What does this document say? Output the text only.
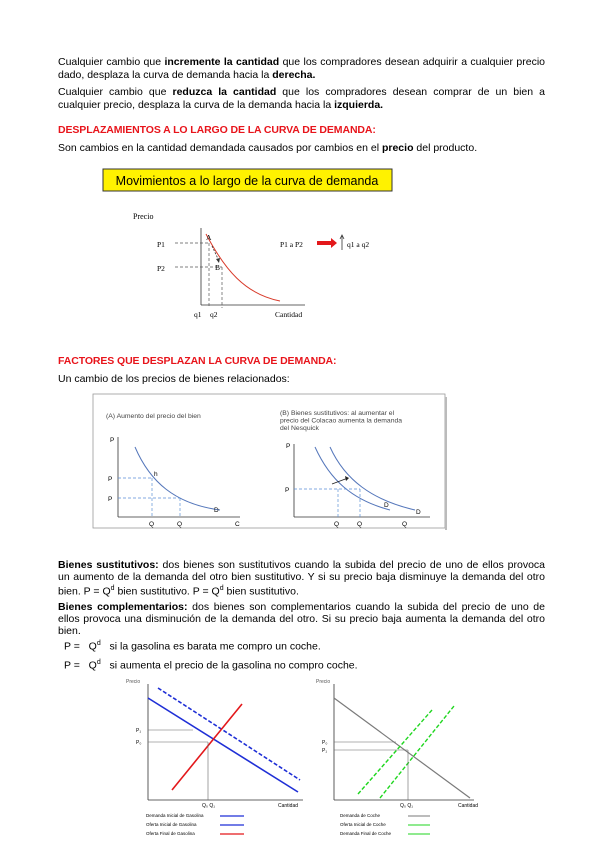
Cualquier cambio que incremente la cantidad que los compradores desean adquirir a cualquier precio dado, desplaza la curva de demanda hacia la derecha.
Cualquier cambio que reduzca la cantidad que los compradores desean comprar de un bien a cualquier precio, desplaza la curva de la demanda hacia la izquierda.
DESPLAZAMIENTOS A LO LARGO DE LA CURVA DE DEMANDA:
Son cambios en la cantidad demandada causados por cambios en el precio del producto.
Movimientos a lo largo de la curva de demanda
Precio
P1
P2
A
B
q1 q2	Cantidad
P1 a P2	q1 a q2
FACTORES QUE DESPLAZAN LA CURVA DE DEMANDA:
Un cambio de los precios de bienes relacionados:
(A) Aumento del precio del bien
P
P
P
h
Q	Q
D
C
(B) Bienes sustitutivos: al aumentar el precio del Colacao aumenta la demanda del Nesquick
P
P
Q	Q	Q
D
D
Bienes sustitutivos: dos bienes son sustitutivos cuando la subida del precio de uno de ellos provoca un aumento de la demanda del otro bien sustitutivo. Y si su precio baja disminuye la demanda del otro bien. $P = Q^d$ bien sustitutivo. $P = Q^d$ bien sustitutivo.
Bienes complementarios: dos bienes son complementarios cuando la subida del precio de uno de ellos provoca una disminución de la demanda del otro. Si su precio baja aumenta la demanda del otro bien.
$P = Q^d$ si la gasolina es barata me compro un coche.
$P = Q^d$ si aumenta el precio de la gasolina no compro coche.
Precio
P₁
P₀
Q₀ Q₁	Cantidad
Demanda Inicial de Gasolina
Oferta Inicial de Gasolina
Oferta Final de Gasolina
Precio
P₀
P₁
Q₀ Q₁	Cantidad
Demanda de Coche
Oferta Inicial de Coche
Demanda Final de Coche
